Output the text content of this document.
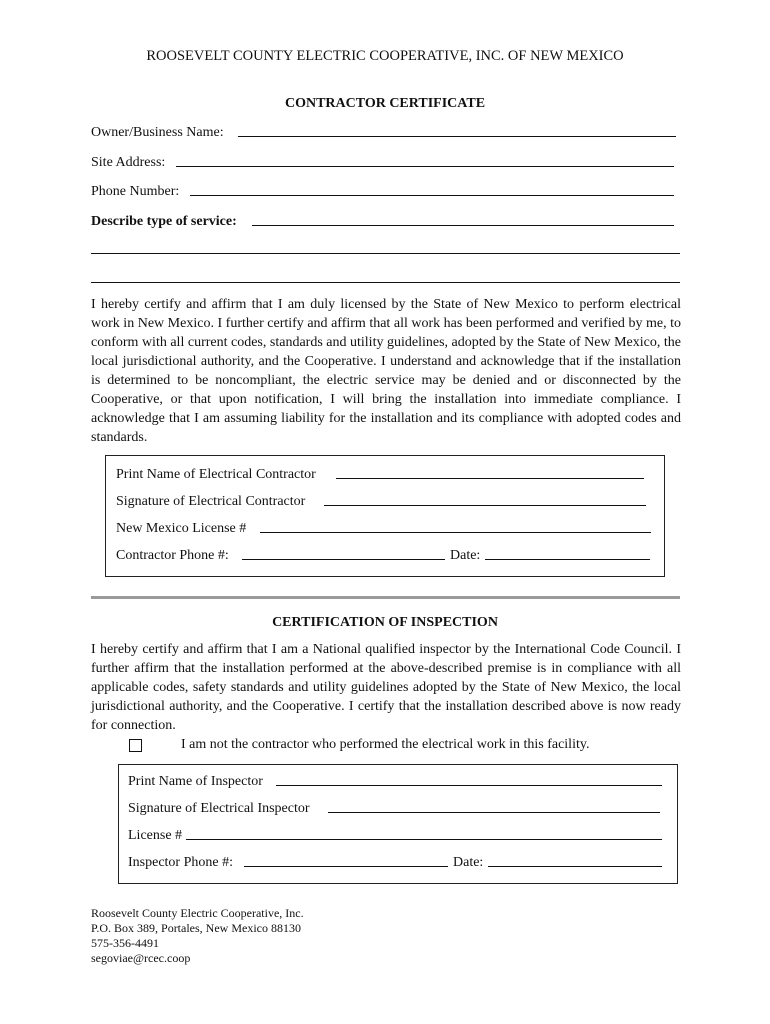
ROOSEVELT COUNTY ELECTRIC COOPERATIVE, INC. OF NEW MEXICO
CONTRACTOR CERTIFICATE
Owner/Business Name:
Site Address:
Phone Number:
Describe type of service:
I hereby certify and affirm that I am duly licensed by the State of New Mexico to perform electrical work in New Mexico. I further certify and affirm that all work has been performed and verified by me, to conform with all current codes, standards and utility guidelines, adopted by the State of New Mexico, the local jurisdictional authority, and the Cooperative. I understand and acknowledge that if the installation is determined to be noncompliant, the electric service may be denied and or disconnected by the Cooperative, or that upon notification, I will bring the installation into immediate compliance. I acknowledge that I am assuming liability for the installation and its compliance with adopted codes and standards.
Print Name of Electrical Contractor
Signature of Electrical Contractor
New Mexico License #
Contractor Phone #:	Date:
CERTIFICATION OF INSPECTION
I hereby certify and affirm that I am a National qualified inspector by the International Code Council. I further affirm that the installation performed at the above-described premise is in compliance with all applicable codes, safety standards and utility guidelines adopted by the State of New Mexico, the local jurisdictional authority, and the Cooperative. I certify that the installation described above is now ready for connection.
I am not the contractor who performed the electrical work in this facility.
Print Name of Inspector
Signature of Electrical Inspector
License #
Inspector Phone #:	Date:
Roosevelt County Electric Cooperative, Inc.
P.O. Box 389, Portales, New Mexico 88130
575-356-4491
segoviae@rcec.coop
